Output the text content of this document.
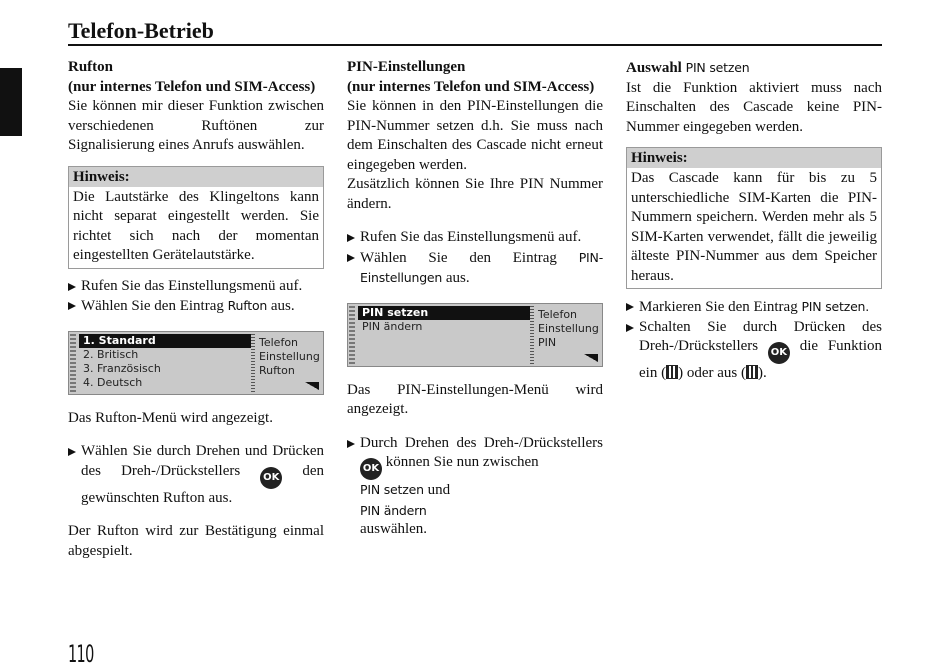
Telefon-Betrieb
Rufton
(nur internes Telefon und SIM-Access)
Sie können mir dieser Funktion zwischen verschiedenen Ruftönen zur Signalisierung eines Anrufs auswählen.
Hinweis:
Die Lautstärke des Klingeltons kann nicht separat eingestellt werden. Sie richtet sich nach der momentan eingestellten Gerätelautstärke.
Rufen Sie das Einstellungsmenü auf.
Wählen Sie den Eintrag Rufton aus.
1. Standard
2. Britisch
3. Französisch
4. Deutsch
Telefon
Einstellung
Rufton
Das Rufton-Menü wird angezeigt.
Wählen Sie durch Drehen und Drücken des Dreh-/Drückstellers OK den gewünschten Rufton aus.
Der Rufton wird zur Bestätigung einmal abgespielt.
PIN-Einstellungen
(nur internes Telefon und SIM-Access)
Sie können in den PIN-Einstellungen die PIN-Nummer setzen d.h. Sie muss nach dem Einschalten des Cascade nicht erneut eingegeben werden.
Zusätzlich können Sie Ihre PIN Nummer ändern.
Rufen Sie das Einstellungsmenü auf.
Wählen Sie den Eintrag PIN-Einstellungen aus.
PIN setzen
PIN ändern
Telefon
Einstellung
PIN
Das PIN-Einstellungen-Menü wird angezeigt.
Durch Drehen des Dreh-/Drückstellers OK können Sie nun zwischen
PIN setzen und
PIN ändern
auswählen.
Auswahl PIN setzen
Ist die Funktion aktiviert muss nach Einschalten des Cascade keine PIN-Nummer eingegeben werden.
Hinweis:
Das Cascade kann für bis zu 5 unterschiedliche SIM-Karten die PIN-Nummern speichern. Werden mehr als 5 SIM-Karten verwendet, fällt die jeweilig älteste PIN-Nummer aus dem Speicher heraus.
Markieren Sie den Eintrag PIN setzen.
Schalten Sie durch Drücken des Dreh-/Drückstellers OK die Funktion ein ( ) oder aus ( ).
110
